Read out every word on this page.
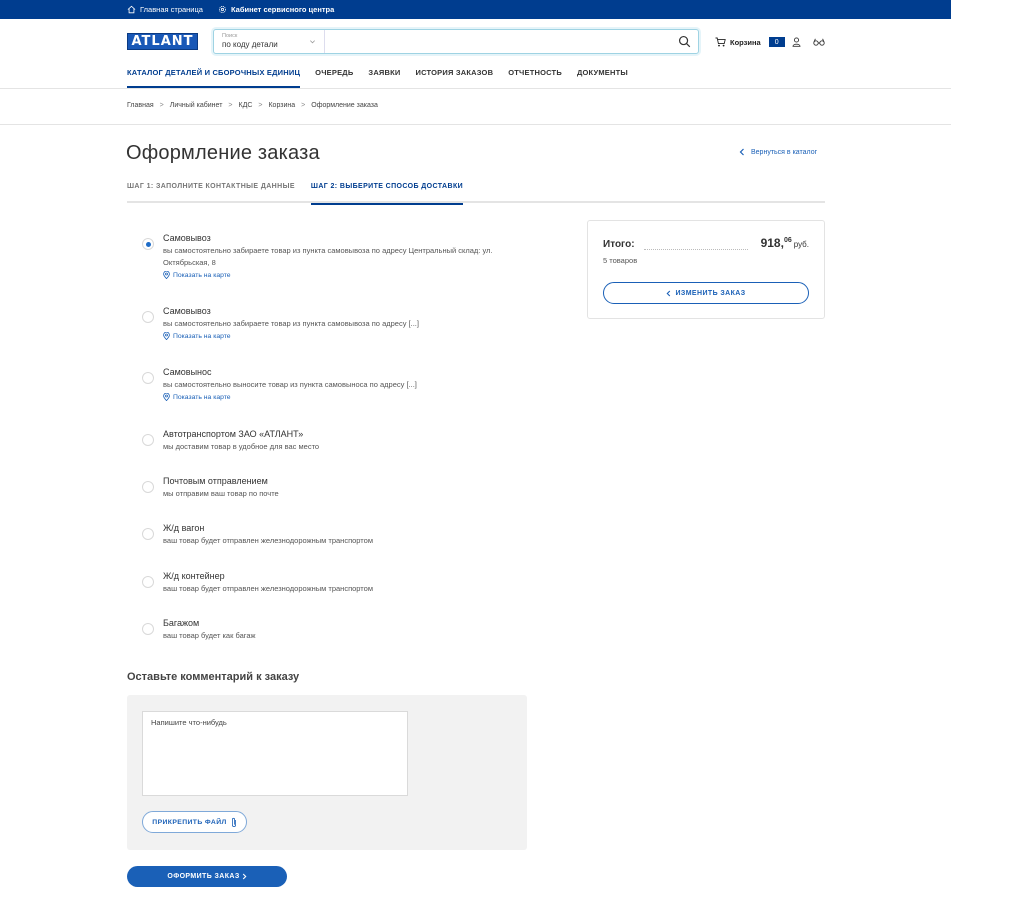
Главная страница	Кабинет сервисного центра
ATLANT	Поиск
по коду детали	Корзина	0
КАТАЛОГ ДЕТАЛЕЙ И СБОРОЧНЫХ ЕДИНИЦ ОЧЕРЕДЬ ЗАЯВКИ ИСТОРИЯ ЗАКАЗОВ ОТЧЕТНОСТЬ ДОКУМЕНТЫ
Главная > Личный кабинет > КДС > Корзина > Оформление заказа
Оформление заказа	Вернуться в каталог
ШАГ 1: ЗАПОЛНИТЕ КОНТАКТНЫЕ ДАННЫЕ ШАГ 2: ВЫБЕРИТЕ СПОСОБ ДОСТАВКИ
Самовывоз
вы самостоятельно забираете товар из пункта самовывоза по адресу Центральный склад: ул. Октябрьская, 8
Показать на карте
Самовывоз
вы самостоятельно забираете товар из пункта самовывоза по адресу [...]
Показать на карте
Самовынос
вы самостоятельно выносите товар из пункта самовыноса по адресу [...]
Показать на карте
Автотранспортом ЗАО «АТЛАНТ»
мы доставим товар в удобное для вас место
Почтовым отправлением
мы отправим ваш товар по почте
Ж/д вагон
ваш товар будет отправлен железнодорожным транспортом
Ж/д контейнер
ваш товар будет отправлен железнодорожным транспортом
Багажом
ваш товар будет как багаж
Итого:	918,06 руб.
5 товаров
ИЗМЕНИТЬ ЗАКАЗ
Оставьте комментарий к заказу
Напишите что-нибудь
ПРИКРЕПИТЬ ФАЙЛ
ОФОРМИТЬ ЗАКАЗ
